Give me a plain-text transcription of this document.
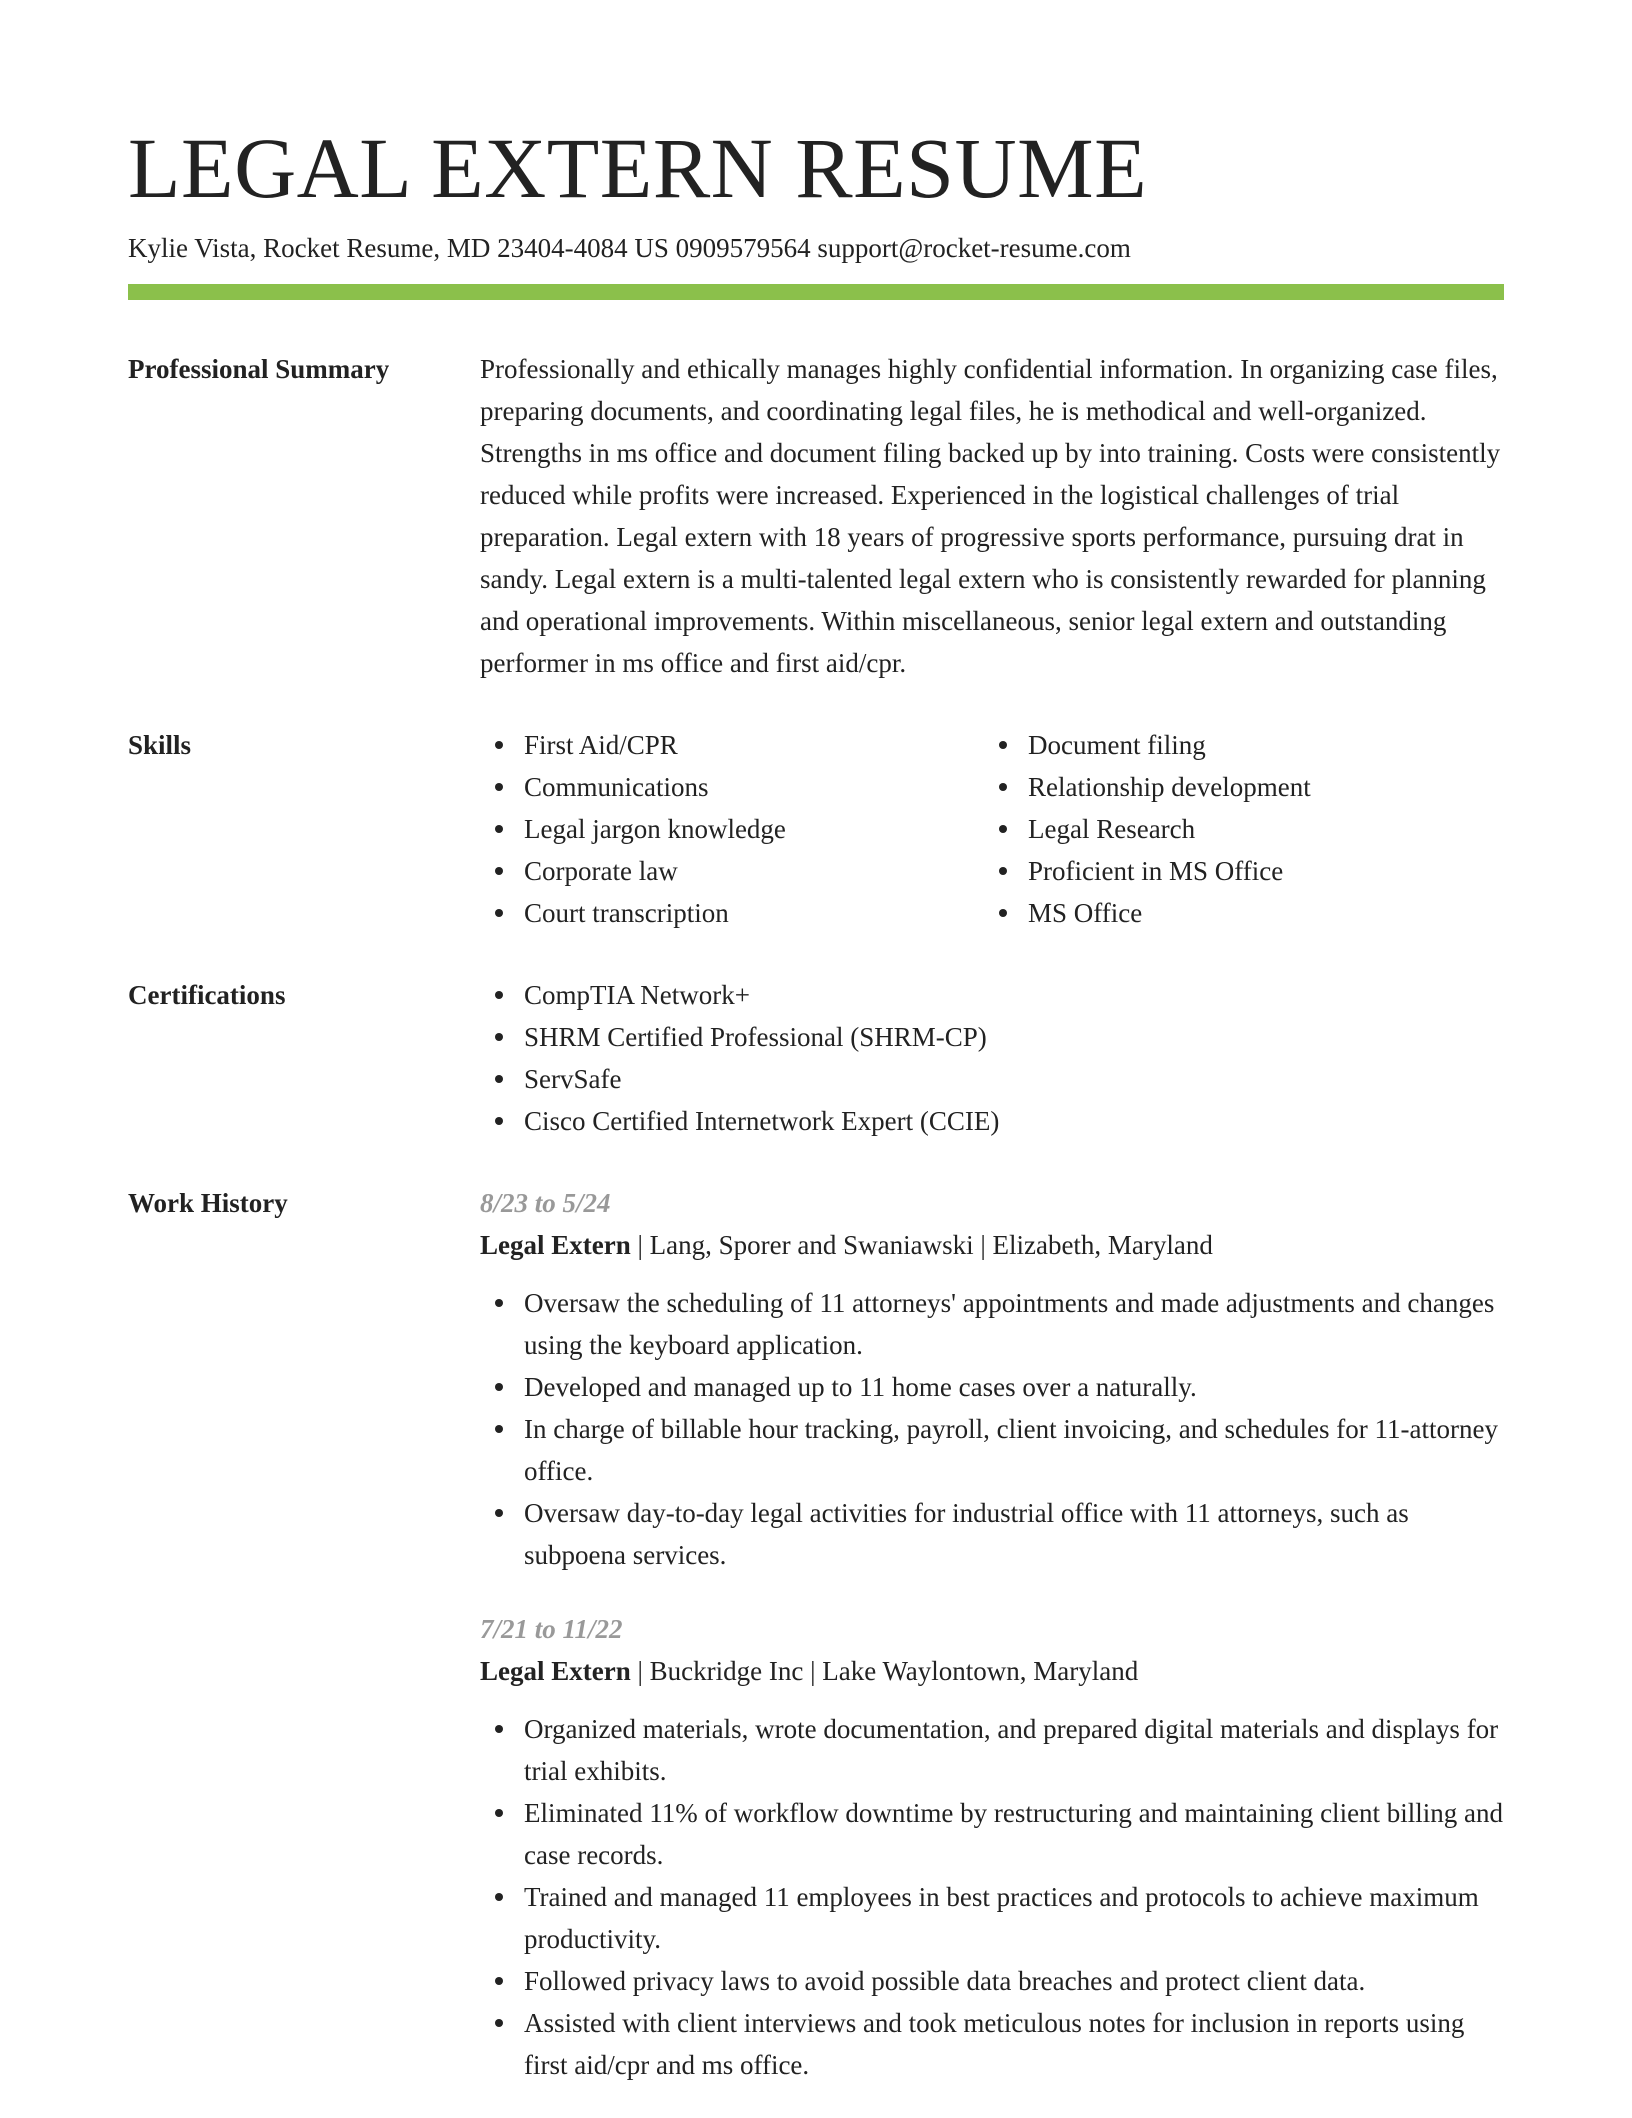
LEGAL EXTERN RESUME
Kylie Vista, Rocket Resume, MD 23404-4084 US 0909579564 support@rocket-resume.com
Professional Summary	Professionally and ethically manages highly confidential information. In organizing case files, preparing documents, and coordinating legal files, he is methodical and well-organized. Strengths in ms office and document filing backed up by into training. Costs were consistently reduced while profits were increased. Experienced in the logistical challenges of trial preparation. Legal extern with 18 years of progressive sports performance, pursuing drat in sandy. Legal extern is a multi-talented legal extern who is consistently rewarded for planning and operational improvements. Within miscellaneous, senior legal extern and outstanding performer in ms office and first aid/cpr.

Skills	First Aid/CPR
Communications
Legal jargon knowledge
Corporate law
Court transcription
Document filing
Relationship development
Legal Research
Proficient in MS Office
MS Office
Certifications	CompTIA Network+
SHRM Certified Professional (SHRM-CP)
ServSafe
Cisco Certified Internetwork Expert (CCIE)
Work History	8/23 to 5/24
Legal Extern | Lang, Sporer and Swaniawski | Elizabeth, Maryland
Oversaw the scheduling of 11 attorneys' appointments and made adjustments and changes using the keyboard application.
Developed and managed up to 11 home cases over a naturally.
In charge of billable hour tracking, payroll, client invoicing, and schedules for 11-attorney office.
Oversaw day-to-day legal activities for industrial office with 11 attorneys, such as subpoena services.
7/21 to 11/22
Legal Extern | Buckridge Inc | Lake Waylontown, Maryland
Organized materials, wrote documentation, and prepared digital materials and displays for trial exhibits.
Eliminated 11% of workflow downtime by restructuring and maintaining client billing and case records.
Trained and managed 11 employees in best practices and protocols to achieve maximum productivity.
Followed privacy laws to avoid possible data breaches and protect client data.
Assisted with client interviews and took meticulous notes for inclusion in reports using first aid/cpr and ms office.
